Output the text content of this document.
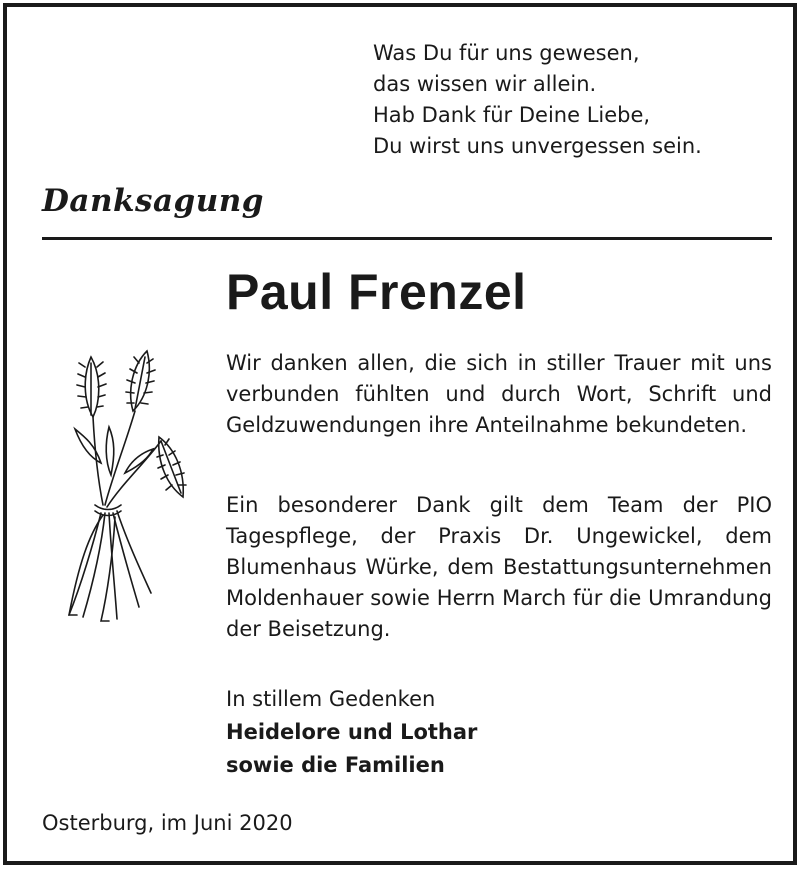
Was Du für uns gewesen,
das wissen wir allein.
Hab Dank für Deine Liebe,
Du wirst uns unvergessen sein.
Danksagung
Paul Frenzel

Wir danken allen, die sich in stiller Trauer mit uns verbunden fühlten und durch Wort, Schrift und Geldzuwendungen ihre Anteilnahme bekundeten.

Ein besonderer Dank gilt dem Team der PIO Tagespflege, der Praxis Dr. Ungewickel, dem Blumenhaus Würke, dem Bestattungsunternehmen Moldenhauer sowie Herrn March für die Umrandung der Beisetzung.

In stillem Gedenken
Heidelore und Lothar
sowie die Familien

Osterburg, im Juni 2020
